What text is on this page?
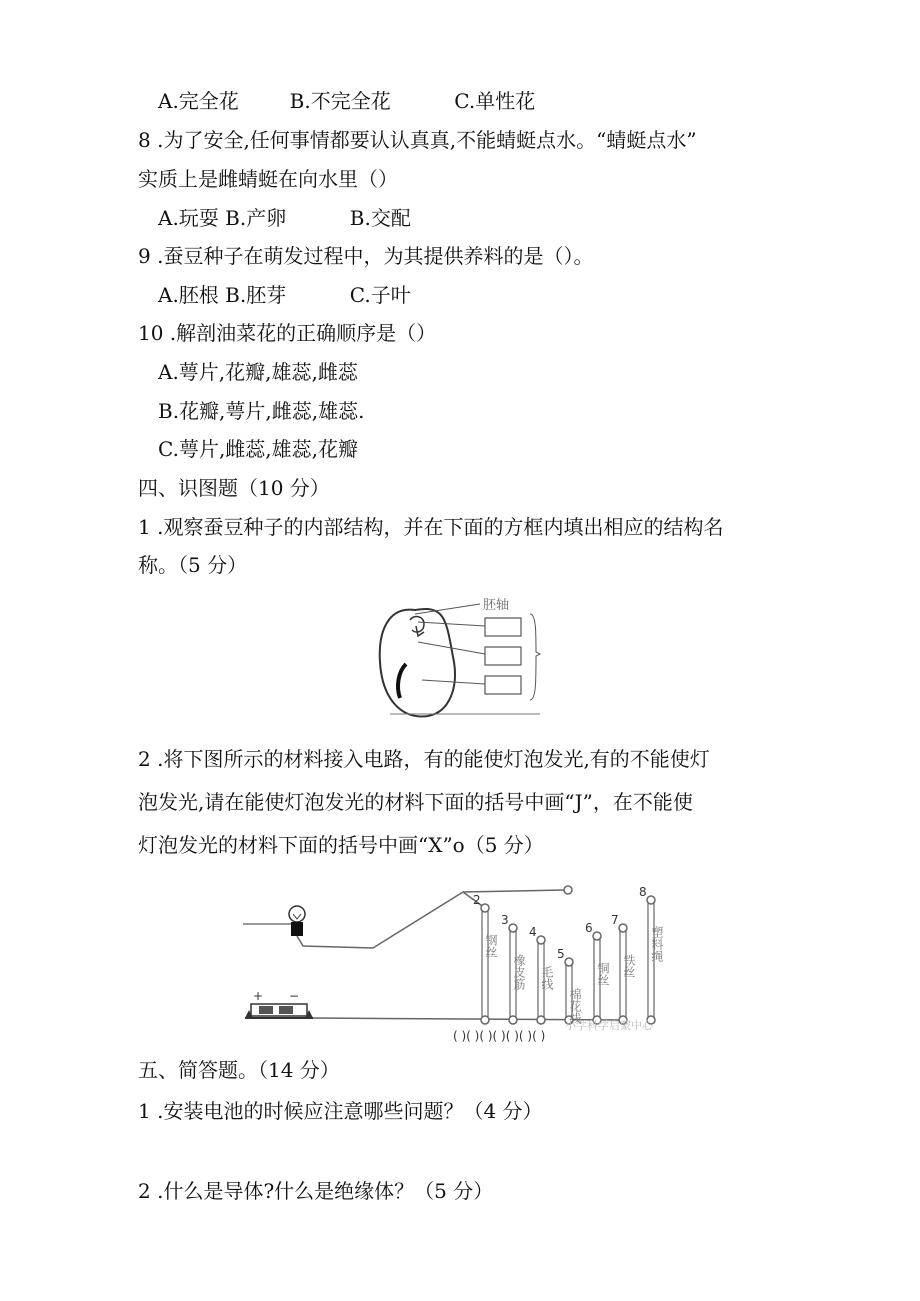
A.完全花        B.不完全花          C.单性花
8 .为了安全,任何事情都要认认真真,不能蜻蜓点水。“蜻蜓点水”
实质上是雌蜻蜓在向水里（）
A.玩耍 B.产卵          B.交配
9 .蚕豆种子在萌发过程中，为其提供养料的是（）。
A.胚根 B.胚芽          C.子叶
10 .解剖油菜花的正确顺序是（）
A.萼片,花瓣,雄蕊,雌蕊
B.花瓣,萼片,雌蕊,雄蕊.
C.萼片,雌蕊,雄蕊,花瓣
四、识图题（10 分）
1 .观察蚕豆种子的内部结构，并在下面的方框内填出相应的结构名
称。（5 分）
胚轴
2 .将下图所示的材料接入电路，有的能使灯泡发光,有的不能使灯
泡发光,请在能使灯泡发光的材料下面的括号中画“J”，在不能使
灯泡发光的材料下面的括号中画“X”o（5 分）
+ −
2
钢丝
3
橡皮筋
4
毛线
5
棉花线
6
铜丝
7
铁丝
8
塑料绳
( )( )( )( )( )( )( )
小学科学启蒙中心
五、简答题。（14 分）
1 .安装电池的时候应注意哪些问题？（4 分）
2 .什么是导体?什么是绝缘体？（5 分）
